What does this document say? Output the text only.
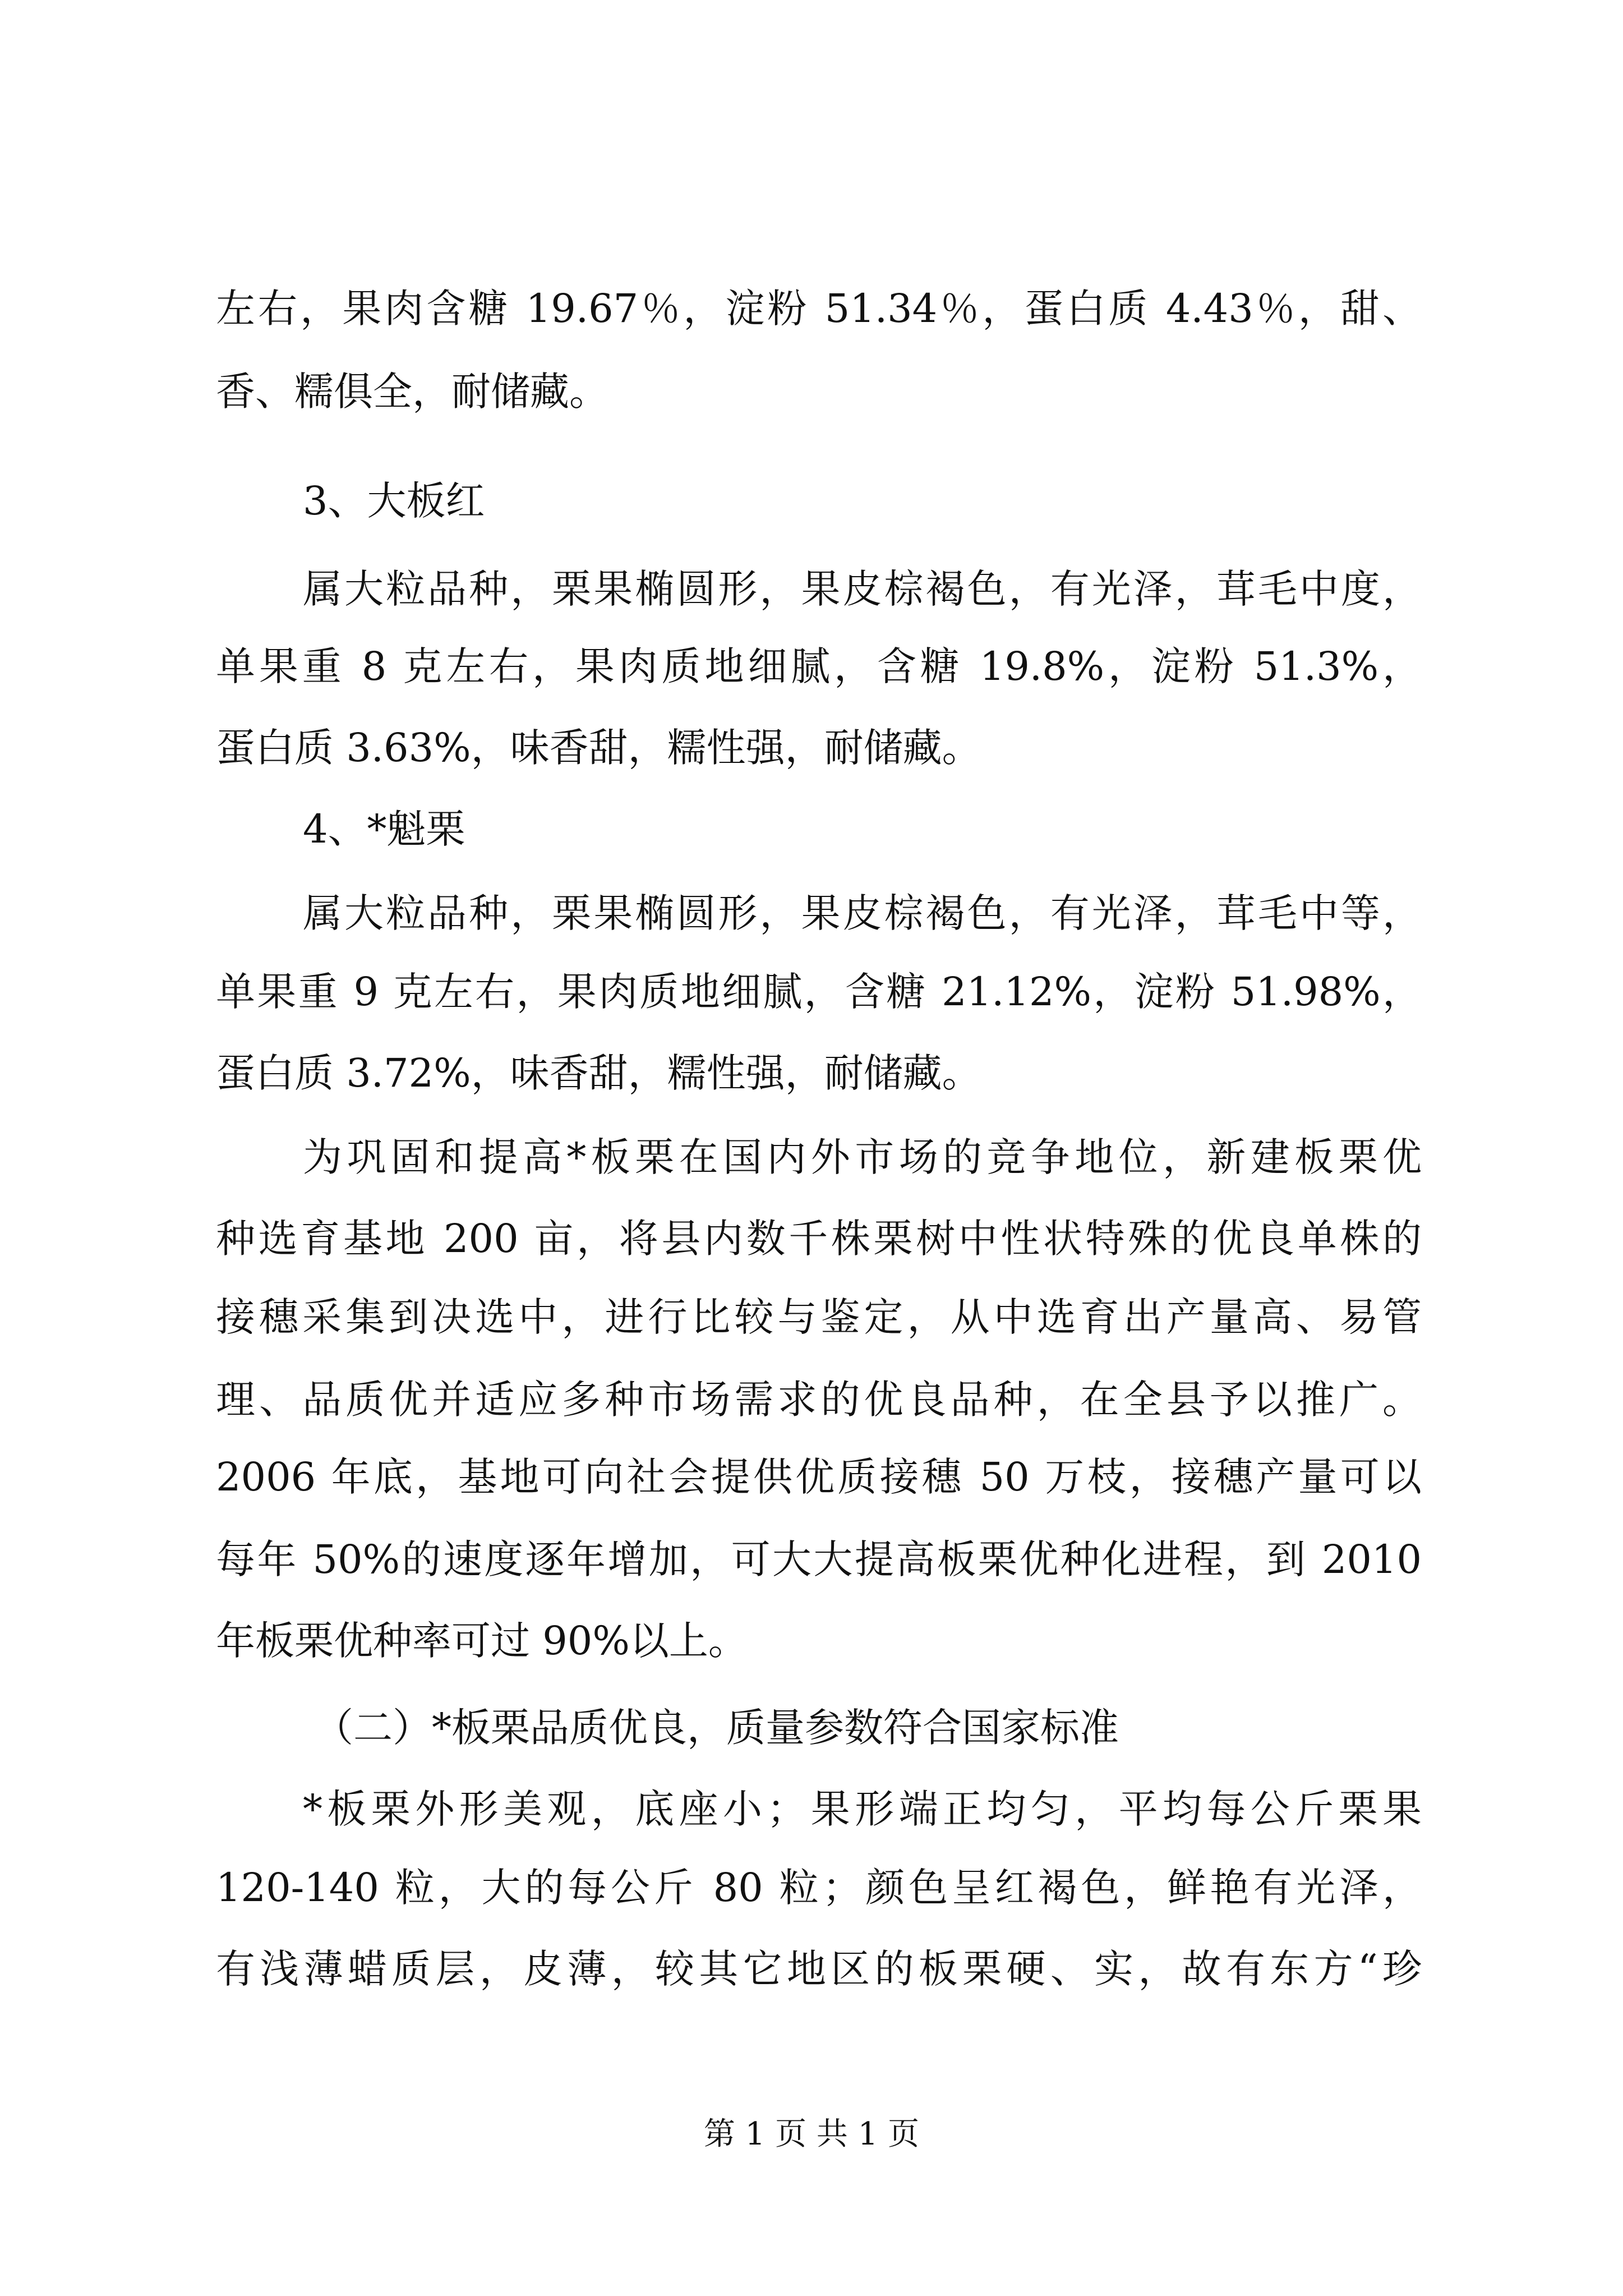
左右，果肉含糖 19.67％，淀粉 51.34％，蛋白质 4.43％，甜、
香、糯俱全，耐储藏。
3、大板红
属大粒品种，栗果椭圆形，果皮棕褐色，有光泽，茸毛中度，
单果重 8 克左右，果肉质地细腻，含糖 19.8%，淀粉 51.3%，
蛋白质 3.63%，味香甜，糯性强，耐储藏。
4、*魁栗
属大粒品种，栗果椭圆形，果皮棕褐色，有光泽，茸毛中等，
单果重 9 克左右，果肉质地细腻，含糖 21.12%，淀粉 51.98%，
蛋白质 3.72%，味香甜，糯性强，耐储藏。
为巩固和提高*板栗在国内外市场的竞争地位，新建板栗优
种选育基地 200 亩，将县内数千株栗树中性状特殊的优良单株的
接穗采集到决选中，进行比较与鉴定，从中选育出产量高、易管
理、品质优并适应多种市场需求的优良品种，在全县予以推广。
2006 年底，基地可向社会提供优质接穗 50 万枝，接穗产量可以
每年 50%的速度逐年增加，可大大提高板栗优种化进程，到 2010
年板栗优种率可过 90%以上。
（二）*板栗品质优良，质量参数符合国家标准
*板栗外形美观，底座小；果形端正均匀，平均每公斤栗果
120-140 粒，大的每公斤 80 粒；颜色呈红褐色，鲜艳有光泽，
有浅薄蜡质层，皮薄，较其它地区的板栗硬、实，故有东方“珍
第 1 页 共 1 页
